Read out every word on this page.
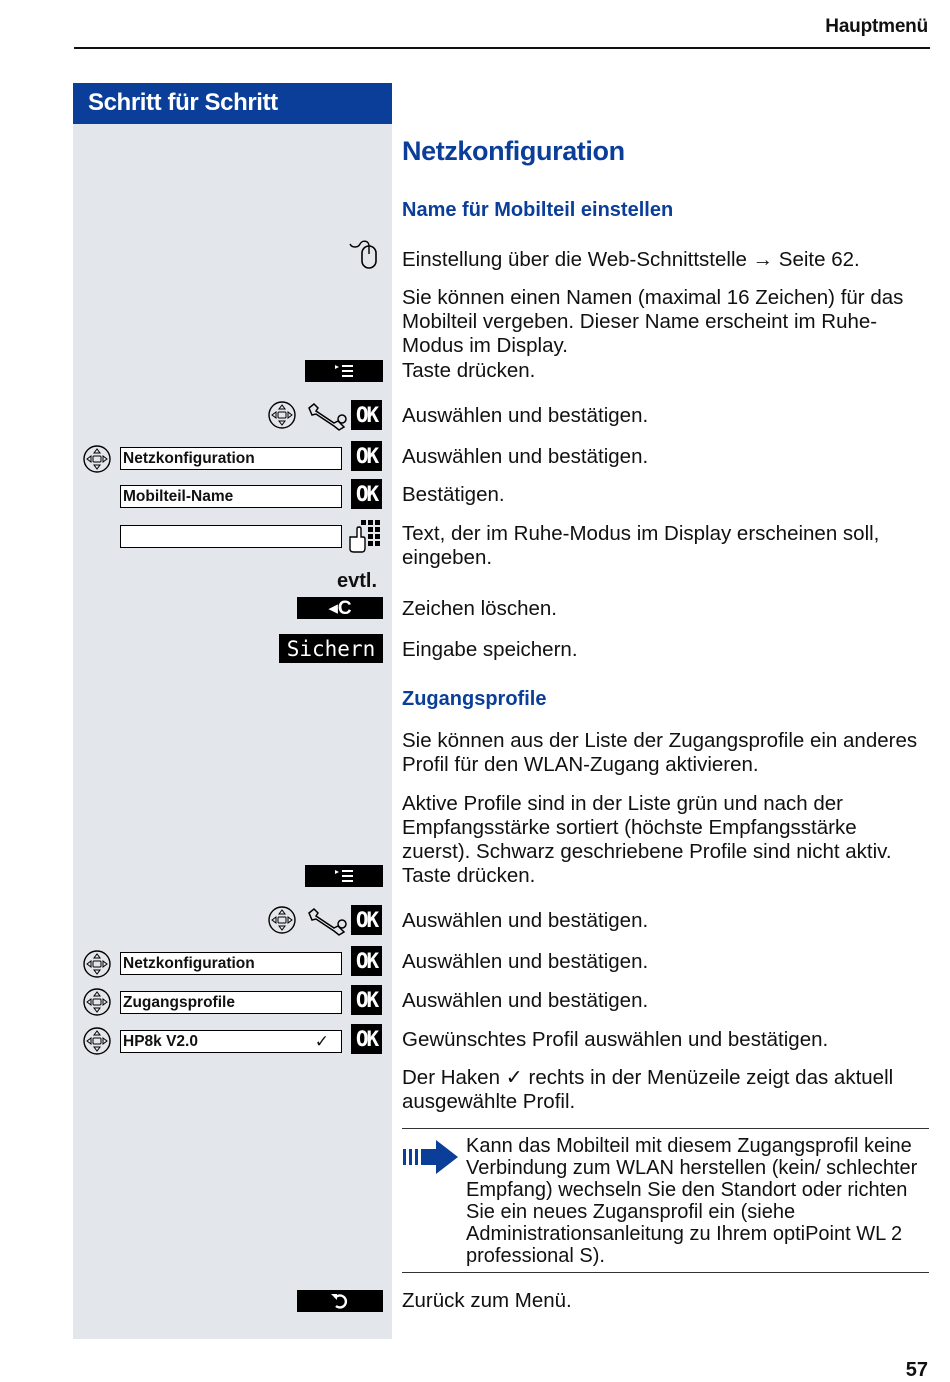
Hauptmenü
Schritt für Schritt
Netzkonfiguration
Name für Mobilteil einstellen
Einstellung über die Web-Schnittstelle → Seite 62.
Sie können einen Namen (maximal 16 Zeichen) für das Mobilteil vergeben. Dieser Name erscheint im Ruhe-Modus im Display.
Taste drücken.
OK Auswählen und bestätigen.
Netzkonfiguration	OK Auswählen und bestätigen.
Mobilteil-Name	OK Bestätigen.
Text, der im Ruhe-Modus im Display erscheinen soll, eingeben.
evtl.
◂C	Zeichen löschen.
Sichern	Eingabe speichern.
Zugangsprofile
Sie können aus der Liste der Zugangsprofile ein anderes Profil für den WLAN-Zugang aktivieren.
Aktive Profile sind in der Liste grün und nach der Empfangsstärke sortiert (höchste Empfangsstärke zuerst). Schwarz geschriebene Profile sind nicht aktiv.
Taste drücken.
OK Auswählen und bestätigen.
Netzkonfiguration	OK Auswählen und bestätigen.
Zugangsprofile	OK Auswählen und bestätigen.
HP8k V2.0	✓ OK Gewünschtes Profil auswählen und bestätigen.
Der Haken ✓ rechts in der Menüzeile zeigt das aktuell ausgewählte Profil.
Kann das Mobilteil mit diesem Zugangsprofil keine Verbindung zum WLAN herstellen (kein/ schlechter Empfang) wechseln Sie den Standort oder richten Sie ein neues Zugansprofil ein (siehe Administrationsanleitung zu Ihrem optiPoint WL 2 professional S).
Zurück zum Menü.
57
